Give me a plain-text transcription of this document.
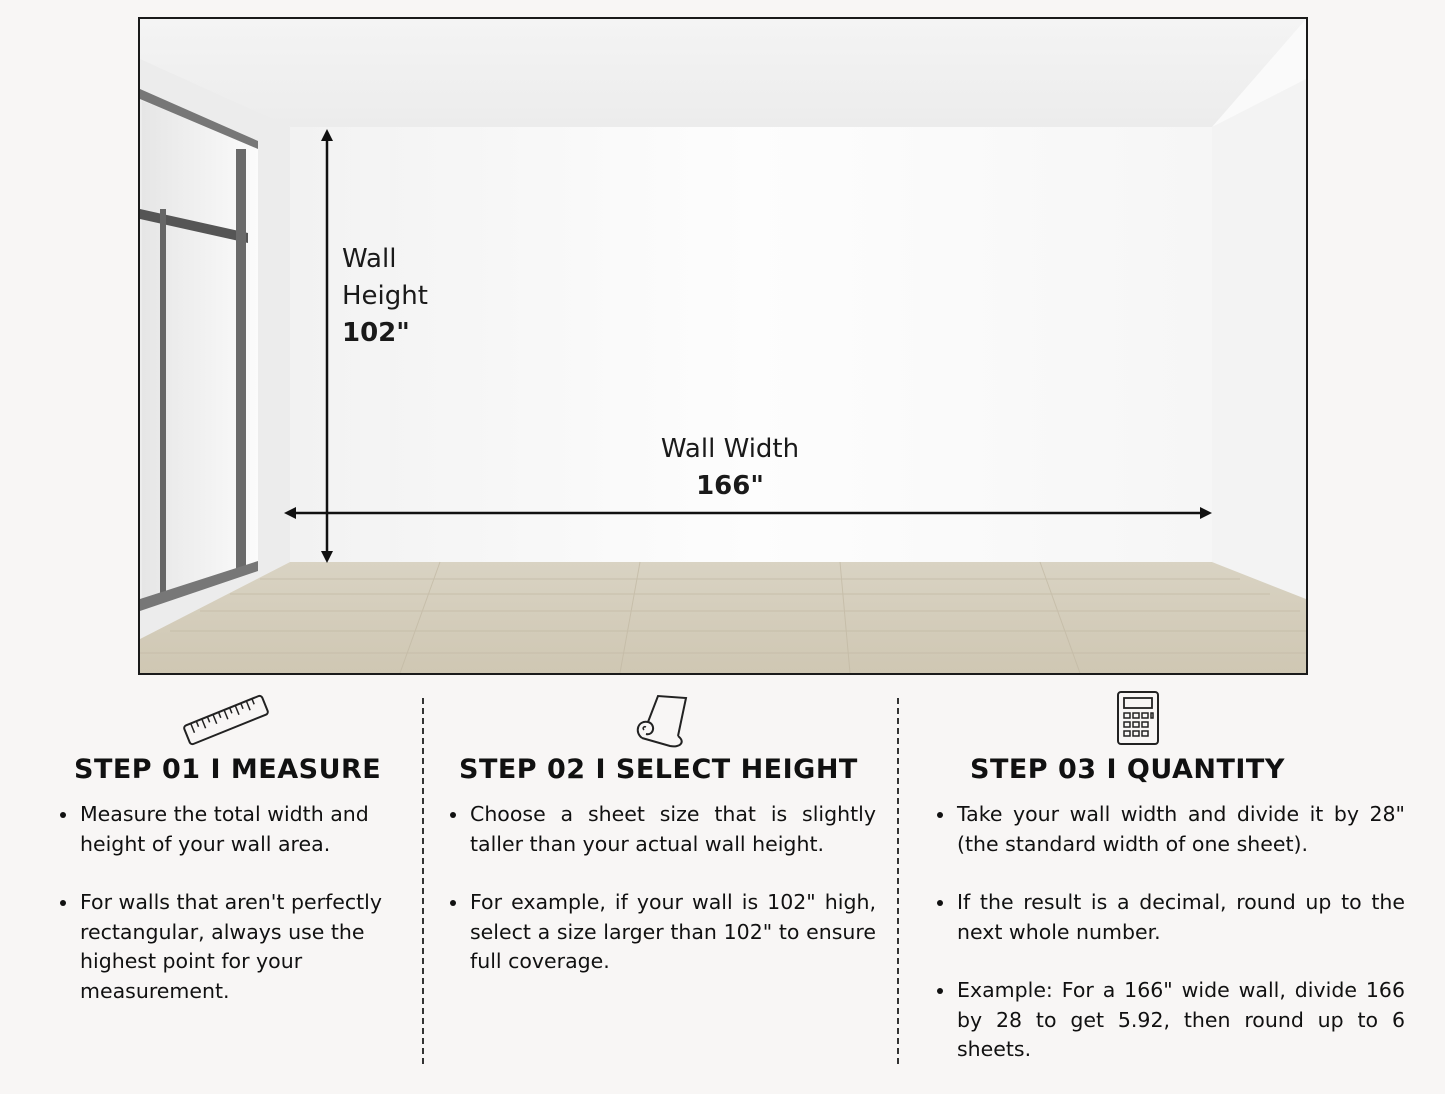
Wall
Height
102"
Wall Width
166"
STEP 01 I MEASURE
Measure the total width and height of your wall area.
For walls that aren't perfectly rectangular, always use the highest point for your measurement.
STEP 02 I SELECT HEIGHT
Choose a sheet size that is slightly taller than your actual wall height.
For example, if your wall is 102" high, select a size larger than 102" to ensure full coverage.
STEP 03 I QUANTITY
Take your wall width and divide it by 28" (the standard width of one sheet).
If the result is a decimal, round up to the next whole number.
Example: For a 166" wide wall, divide 166 by 28 to get 5.92, then round up to 6 sheets.
